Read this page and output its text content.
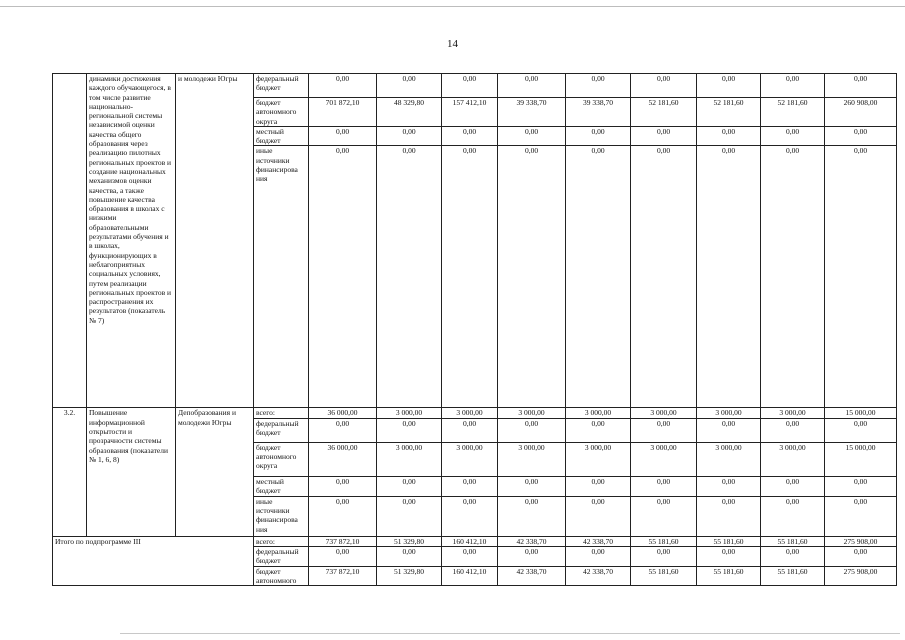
14
	динамики достижения каждого обучающегося, в том числе развитие национально-региональной системы независимой оценки качества общего образования через реализацию пилотных региональных проектов и создание национальных механизмов оценки качества, а также повышение качества образования в школах с низкими образовательными результатами обучения и в школах, функционирующих в неблагоприятных социальных условиях, путем реализации региональных проектов и распространения их результатов (показатель № 7)	и молодежи Югры	федеральный бюджет	0,00	0,00	0,00	0,00	0,00	0,00	0,00	0,00	0,00
			бюджет автономного округа	701 872,10	48 329,80	157 412,10	39 338,70	39 338,70	52 181,60	52 181,60	52 181,60	260 908,00
			местный бюджет	0,00	0,00	0,00	0,00	0,00	0,00	0,00	0,00	0,00
			иные источники финансирова ния	0,00	0,00	0,00	0,00	0,00	0,00	0,00	0,00	0,00
3.2.	Повышение информационной открытости и прозрачности системы образования (показатели № 1, 6, 8)	Депобразования и молодежи Югры	всего:	36 000,00	3 000,00	3 000,00	3 000,00	3 000,00	3 000,00	3 000,00	3 000,00	15 000,00
			федеральный бюджет	0,00	0,00	0,00	0,00	0,00	0,00	0,00	0,00	0,00
			бюджет автономного округа	36 000,00	3 000,00	3 000,00	3 000,00	3 000,00	3 000,00	3 000,00	3 000,00	15 000,00
			местный бюджет	0,00	0,00	0,00	0,00	0,00	0,00	0,00	0,00	0,00
			иные источники финансирова ния	0,00	0,00	0,00	0,00	0,00	0,00	0,00	0,00	0,00
Итого по подпрограмме III			всего:	737 872,10	51 329,80	160 412,10	42 338,70	42 338,70	55 181,60	55 181,60	55 181,60	275 908,00
			федеральный бюджет	0,00	0,00	0,00	0,00	0,00	0,00	0,00	0,00	0,00
			бюджет автономного	737 872,10	51 329,80	160 412,10	42 338,70	42 338,70	55 181,60	55 181,60	55 181,60	275 908,00
